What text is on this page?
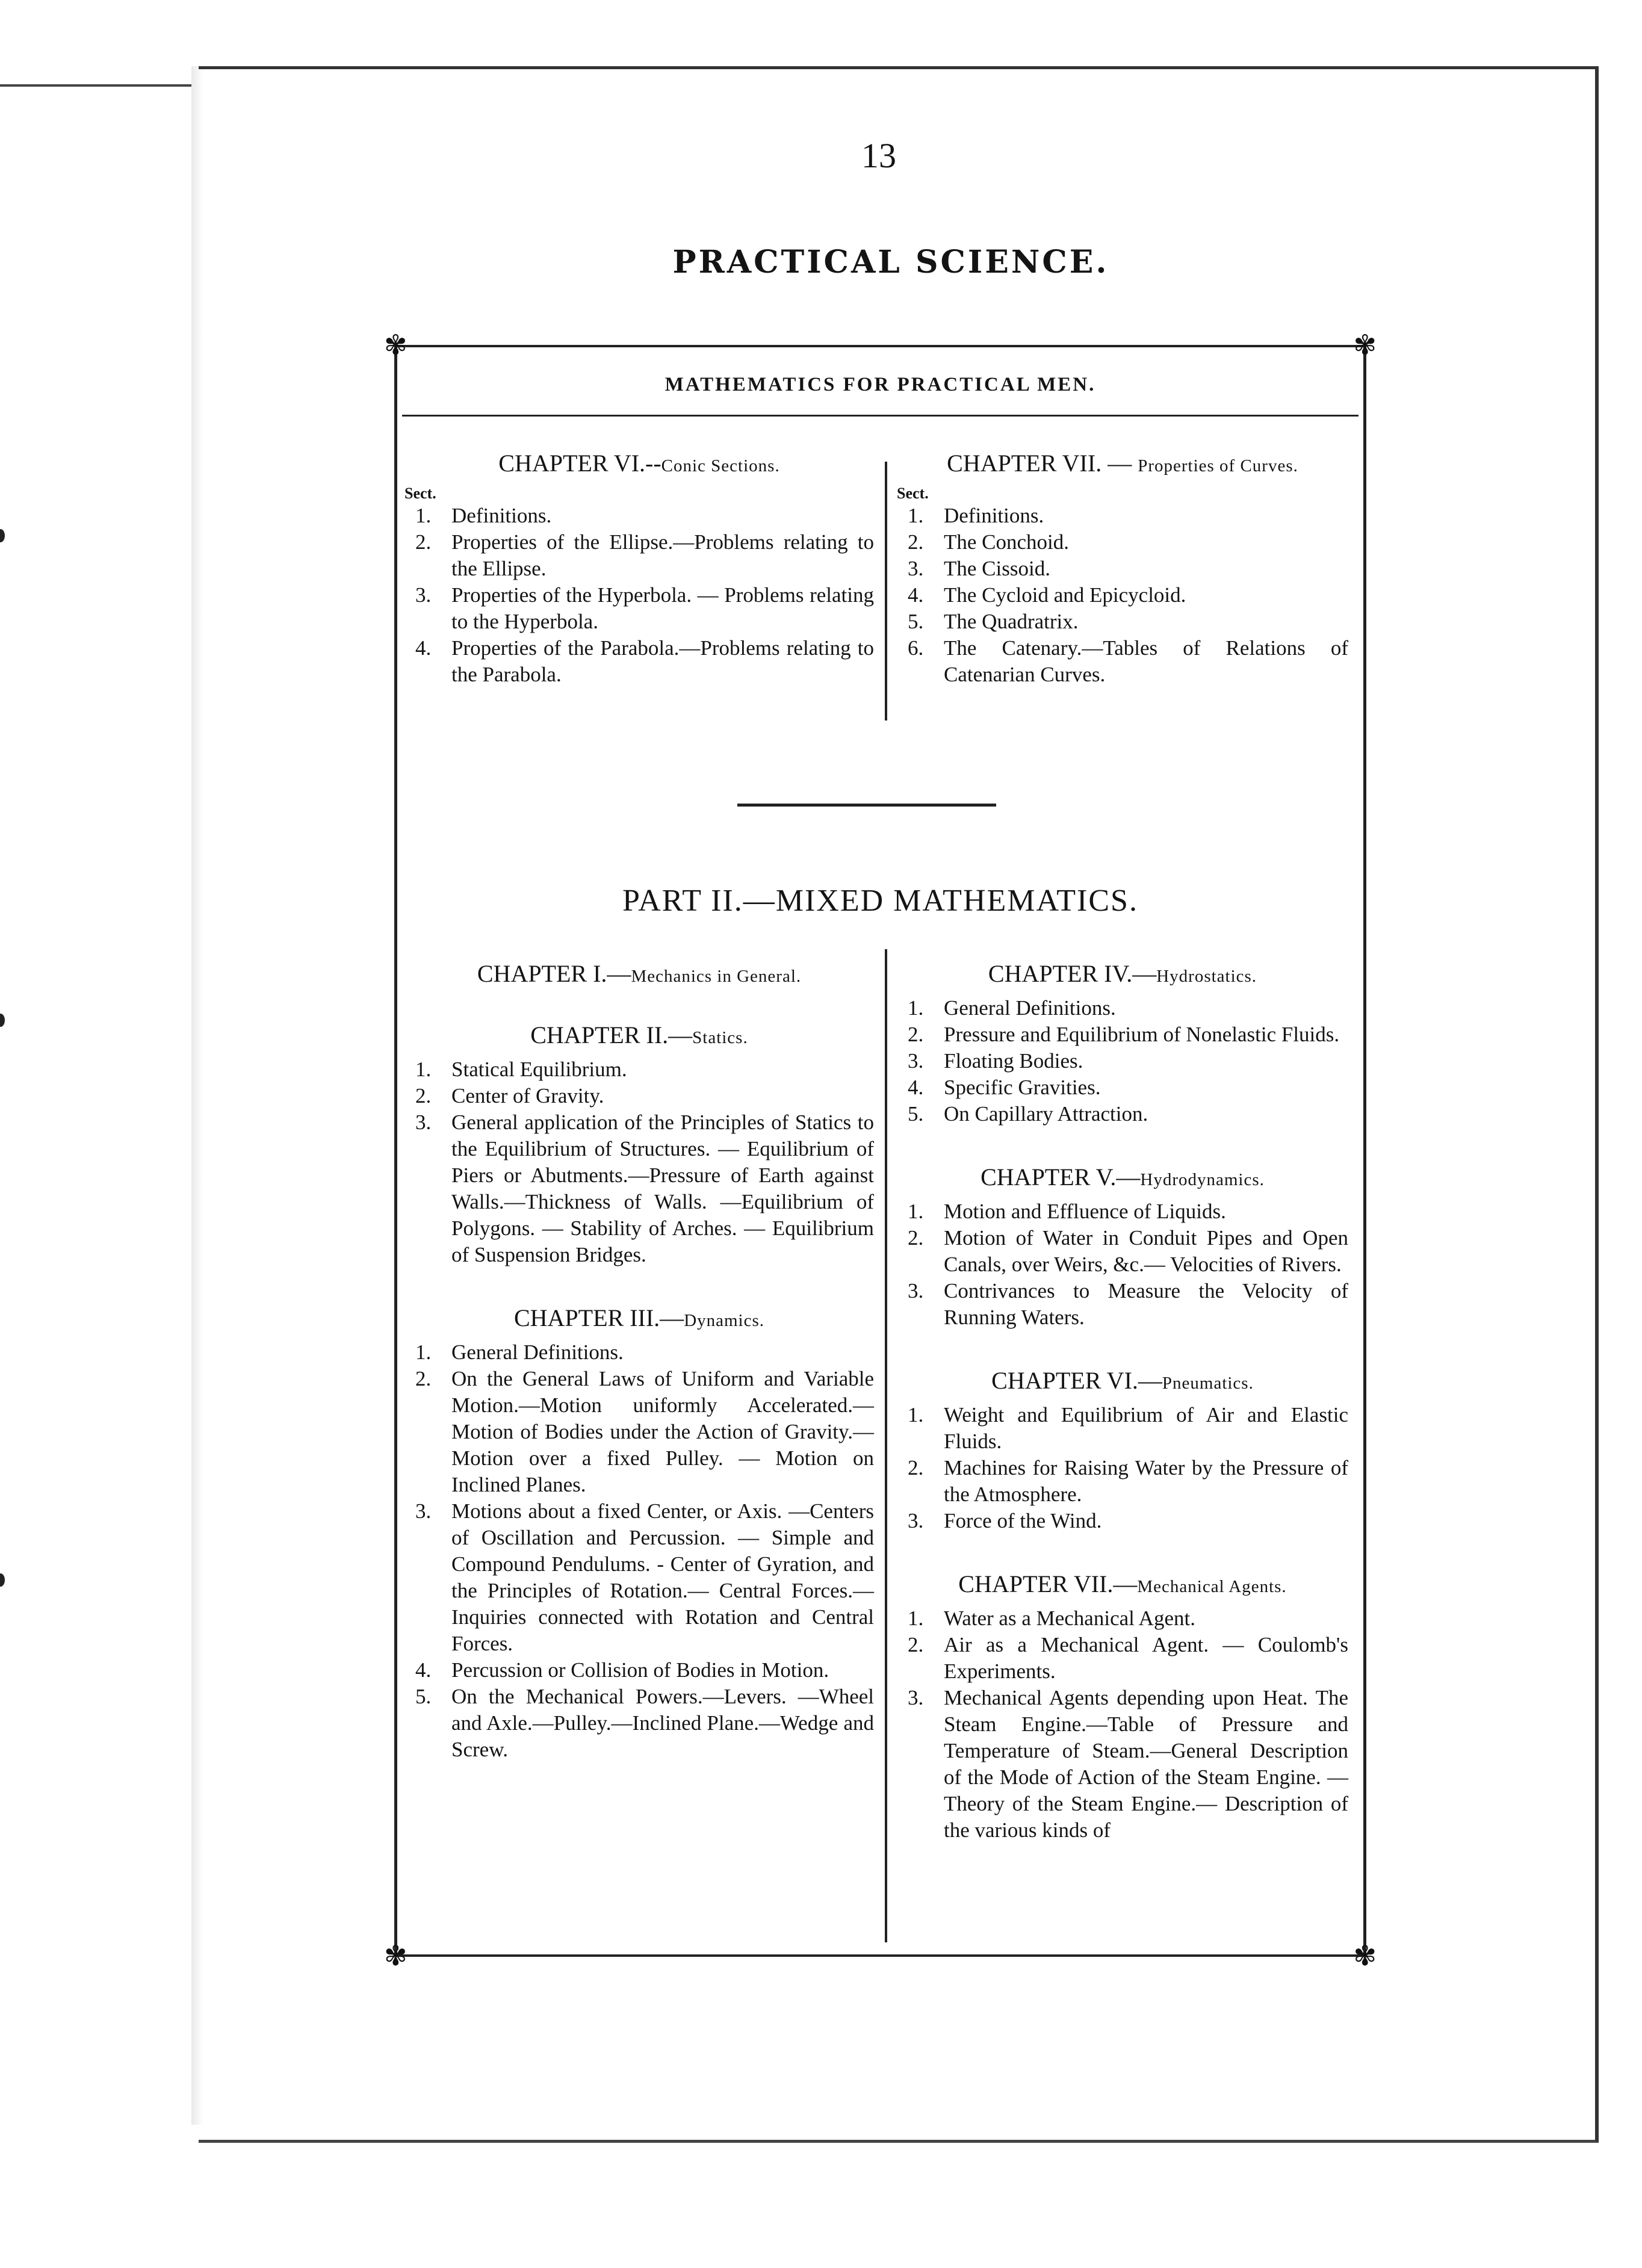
13
PRACTICAL SCIENCE.
✾	✾
✾	✾
MATHEMATICS FOR PRACTICAL MEN.
CHAPTER VI.--Conic Sections.
Sect.
1. Definitions.
2. Properties of the Ellipse.—Problems relating to the Ellipse.
3. Properties of the Hyperbola. — Problems relating to the Hyperbola.
4. Properties of the Parabola.—Problems relating to the Parabola.
CHAPTER VII. — Properties of Curves.
Sect.
1. Definitions.
2. The Conchoid.
3. The Cissoid.
4. The Cycloid and Epicycloid.
5. The Quadratrix.
6. The Catenary.—Tables of Relations of Catenarian Curves.
PART II.—MIXED MATHEMATICS.
CHAPTER I.—Mechanics in General.
CHAPTER II.—Statics.
1. Statical Equilibrium.
2. Center of Gravity.
3. General application of the Principles of Statics to the Equilibrium of Structures. — Equilibrium of Piers or Abutments.—Pressure of Earth against Walls.—Thickness of Walls. —Equilibrium of Polygons. — Stability of Arches. — Equilibrium of Suspension Bridges.
CHAPTER III.—Dynamics.
1. General Definitions.
2. On the General Laws of Uniform and Variable Motion.—Motion uniformly Accelerated.—Motion of Bodies under the Action of Gravity.—Motion over a fixed Pulley. — Motion on Inclined Planes.
3. Motions about a fixed Center, or Axis. —Centers of Oscillation and Percussion. — Simple and Compound Pendulums. - Center of Gyration, and the Principles of Rotation.— Central Forces.—Inquiries connected with Rotation and Central Forces.
4. Percussion or Collision of Bodies in Motion.
5. On the Mechanical Powers.—Levers. —Wheel and Axle.—Pulley.—Inclined Plane.—Wedge and Screw.
CHAPTER IV.—Hydrostatics.
1. General Definitions.
2. Pressure and Equilibrium of Nonelastic Fluids.
3. Floating Bodies.
4. Specific Gravities.
5. On Capillary Attraction.
CHAPTER V.—Hydrodynamics.
1. Motion and Effluence of Liquids.
2. Motion of Water in Conduit Pipes and Open Canals, over Weirs, &c.— Velocities of Rivers.
3. Contrivances to Measure the Velocity of Running Waters.
CHAPTER VI.—Pneumatics.
1. Weight and Equilibrium of Air and Elastic Fluids.
2. Machines for Raising Water by the Pressure of the Atmosphere.
3. Force of the Wind.
CHAPTER VII.—Mechanical Agents.
1. Water as a Mechanical Agent.
2. Air as a Mechanical Agent. — Coulomb's Experiments.
3. Mechanical Agents depending upon Heat. The Steam Engine.—Table of Pressure and Temperature of Steam.—General Description of the Mode of Action of the Steam Engine. —Theory of the Steam Engine.— Description of the various kinds of
